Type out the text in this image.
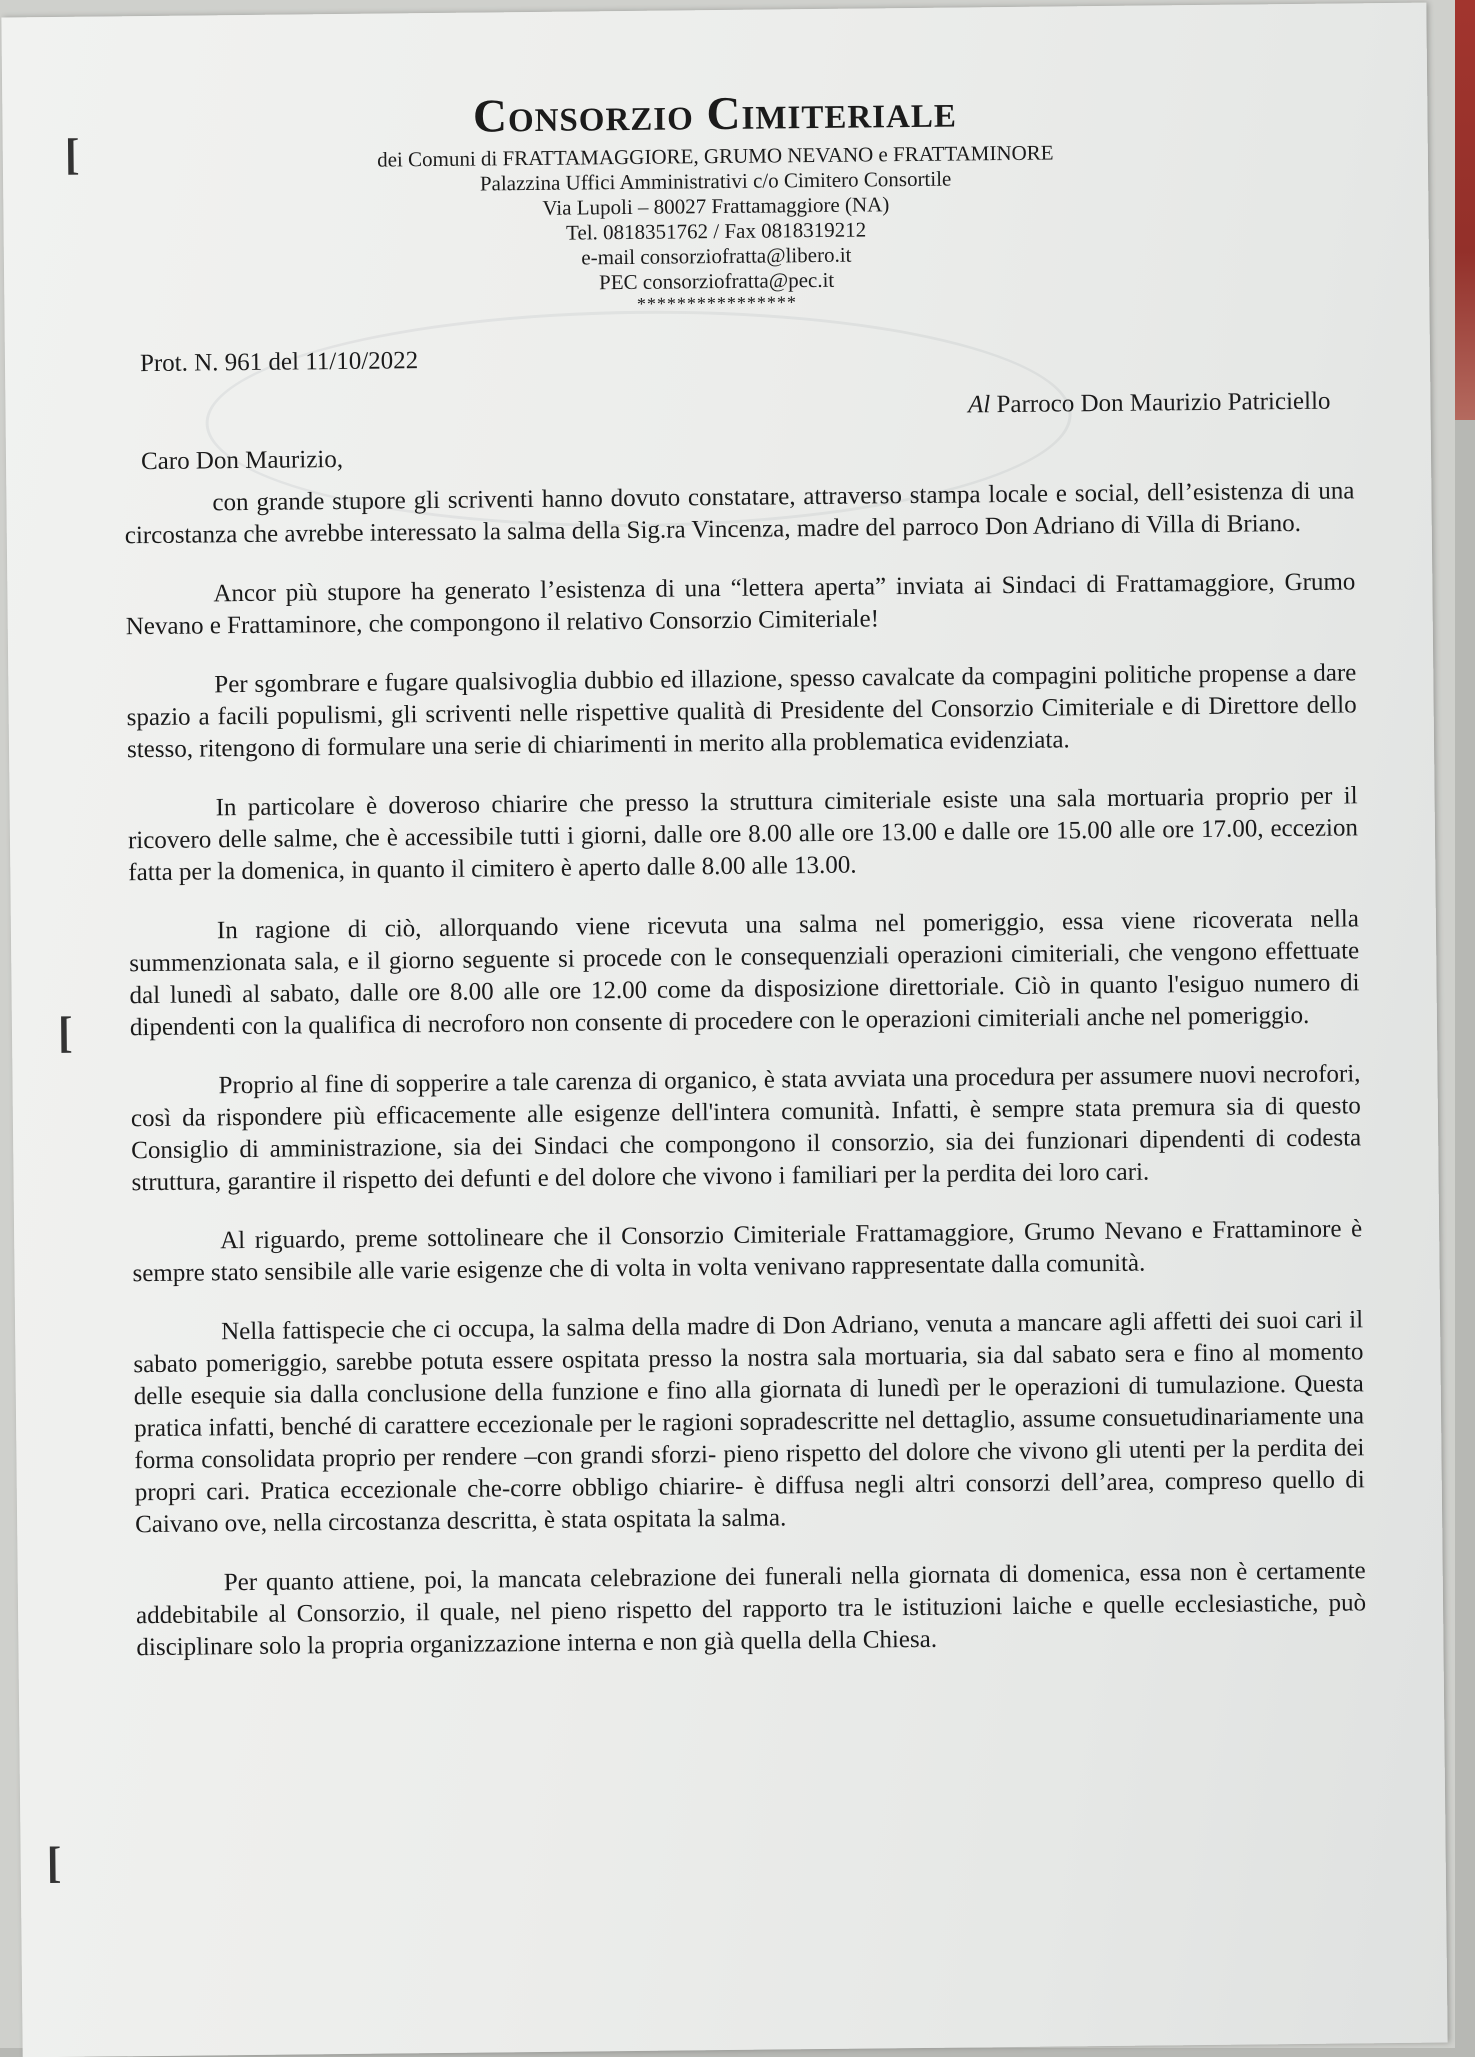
[
[
[
Consorzio Cimiteriale
dei Comuni di FRATTAMAGGIORE, GRUMO NEVANO e FRATTAMINORE
Palazzina Uffici Amministrativi c/o Cimitero Consortile
Via Lupoli – 80027 Frattamaggiore (NA)
Tel. 0818351762 / Fax 0818319212
e-mail consorziofratta@libero.it
PEC consorziofratta@pec.it
****************
Prot. N. 961 del 11/10/2022
Al Parroco Don Maurizio Patriciello
Caro Don Maurizio,

con grande stupore gli scriventi hanno dovuto constatare, attraverso stampa locale e social, dell’esistenza di una circostanza che avrebbe interessato la salma della Sig.ra Vincenza, madre del parroco Don Adriano di Villa di Briano.

Ancor più stupore ha generato l’esistenza di una “lettera aperta” inviata ai Sindaci di Frattamaggiore, Grumo Nevano e Frattaminore, che compongono il relativo Consorzio Cimiteriale!

Per sgombrare e fugare qualsivoglia dubbio ed illazione, spesso cavalcate da compagini politiche propense a dare spazio a facili populismi, gli scriventi nelle rispettive qualità di Presidente del Consorzio Cimiteriale e di Direttore dello stesso, ritengono di formulare una serie di chiarimenti in merito alla problematica evidenziata.

In particolare è doveroso chiarire che presso la struttura cimiteriale esiste una sala mortuaria proprio per il ricovero delle salme, che è accessibile tutti i giorni, dalle ore 8.00 alle ore 13.00 e dalle ore 15.00 alle ore 17.00, eccezion fatta per la domenica, in quanto il cimitero è aperto dalle 8.00 alle 13.00.

In ragione di ciò, allorquando viene ricevuta una salma nel pomeriggio, essa viene ricoverata nella summenzionata sala, e il giorno seguente si procede con le consequenziali operazioni cimiteriali, che vengono effettuate dal lunedì al sabato, dalle ore 8.00 alle ore 12.00 come da disposizione direttoriale. Ciò in quanto l'esiguo numero di dipendenti con la qualifica di necroforo non consente di procedere con le operazioni cimiteriali anche nel pomeriggio.

Proprio al fine di sopperire a tale carenza di organico, è stata avviata una procedura per assumere nuovi necrofori, così da rispondere più efficacemente alle esigenze dell'intera comunità. Infatti, è sempre stata premura sia di questo Consiglio di amministrazione, sia dei Sindaci che compongono il consorzio, sia dei funzionari dipendenti di codesta struttura, garantire il rispetto dei defunti e del dolore che vivono i familiari per la perdita dei loro cari.

Al riguardo, preme sottolineare che il Consorzio Cimiteriale Frattamaggiore, Grumo Nevano e Frattaminore è sempre stato sensibile alle varie esigenze che di volta in volta venivano rappresentate dalla comunità.

Nella fattispecie che ci occupa, la salma della madre di Don Adriano, venuta a mancare agli affetti dei suoi cari il sabato pomeriggio, sarebbe potuta essere ospitata presso la nostra sala mortuaria, sia dal sabato sera e fino al momento delle esequie sia dalla conclusione della funzione e fino alla giornata di lunedì per le operazioni di tumulazione. Questa pratica infatti, benché di carattere eccezionale per le ragioni sopradescritte nel dettaglio, assume consuetudinariamente una forma consolidata proprio per rendere –con grandi sforzi- pieno rispetto del dolore che vivono gli utenti per la perdita dei propri cari. Pratica eccezionale che-corre obbligo chiarire- è diffusa negli altri consorzi dell’area, compreso quello di Caivano ove, nella circostanza descritta, è stata ospitata la salma.

Per quanto attiene, poi, la mancata celebrazione dei funerali nella giornata di domenica, essa non è certamente addebitabile al Consorzio, il quale, nel pieno rispetto del rapporto tra le istituzioni laiche e quelle ecclesiastiche, può disciplinare solo la propria organizzazione interna e non già quella della Chiesa.
